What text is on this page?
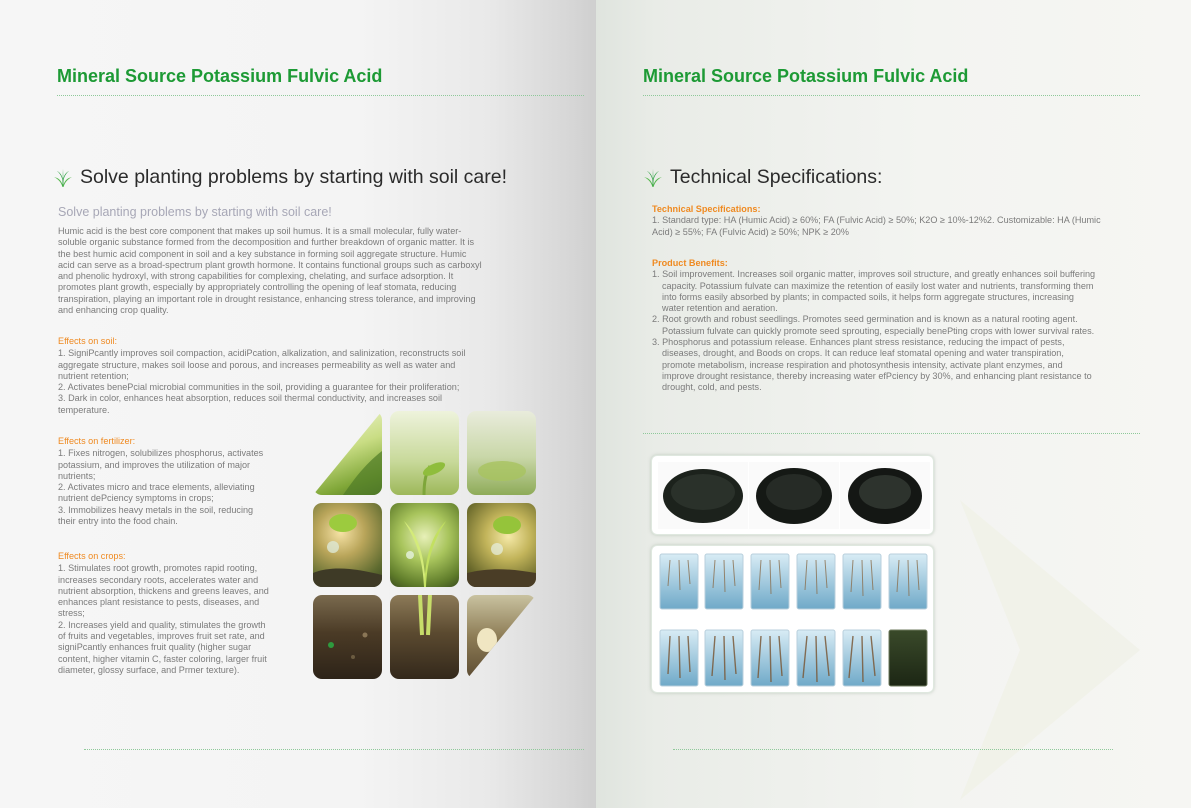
Mineral Source Potassium Fulvic Acid
Solve planting problems by starting with soil care!
Solve planting problems by starting with soil care!
Humic acid is the best core component that makes up soil humus. It is a small molecular, fully water-
soluble organic substance formed from the decomposition and further breakdown of organic matter. It is
the best humic acid component in soil and a key substance in forming soil aggregate structure. Humic
acid can serve as a broad-spectrum plant growth hormone. It contains functional groups such as carboxyl
and phenolic hydroxyl, with strong capabilities for complexing, chelating, and surface adsorption. It
promotes plant growth, especially by appropriately controlling the opening of leaf stomata, reducing
transpiration, playing an important role in drought resistance, enhancing stress tolerance, and improving
and enhancing crop quality.
Effects on soil:
1. SigniPcantly improves soil compaction, acidiPcation, alkalization, and salinization, reconstructs soil
aggregate structure, makes soil loose and porous, and increases permeability as well as water and
nutrient retention;
2. Activates benePcial microbial communities in the soil, providing a guarantee for their proliferation;
3. Dark in color, enhances heat absorption, reduces soil thermal conductivity, and increases soil
temperature.
Effects on fertilizer:
1. Fixes nitrogen, solubilizes phosphorus, activates
potassium, and improves the utilization of major
nutrients;
2. Activates micro and trace elements, alleviating
nutrient dePciency symptoms in crops;
3. Immobilizes heavy metals in the soil, reducing
their entry into the food chain.
Effects on crops:
1. Stimulates root growth, promotes rapid rooting,
increases secondary roots, accelerates water and
nutrient absorption, thickens and greens leaves, and
enhances plant resistance to pests, diseases, and
stress;
2. Increases yield and quality, stimulates the growth
of fruits and vegetables, improves fruit set rate, and
signiPcantly enhances fruit quality (higher sugar
content, higher vitamin C, faster coloring, larger fruit
diameter, glossy surface, and Prmer texture).
Mineral Source Potassium Fulvic Acid
Technical Specifications:
Technical Specifications:
1. Standard type: HA (Humic Acid) ≥ 60%; FA (Fulvic Acid) ≥ 50%; K2O ≥ 10%-12%2. Customizable: HA (Humic
Acid) ≥ 55%; FA (Fulvic Acid) ≥ 50%; NPK ≥ 20%
Product Benefits:
1. Soil improvement. Increases soil organic matter, improves soil structure, and greatly enhances soil buffering
capacity. Potassium fulvate can maximize the retention of easily lost water and nutrients, transforming them
into forms easily absorbed by plants; in compacted soils, it helps form aggregate structures, increasing
water retention and aeration.
2. Root growth and robust seedlings. Promotes seed germination and is known as a natural rooting agent.
Potassium fulvate can quickly promote seed sprouting, especially benePting crops with lower survival rates.
3. Phosphorus and potassium release. Enhances plant stress resistance, reducing the impact of pests,
diseases, drought, and Boods on crops. It can reduce leaf stomatal opening and water transpiration,
promote metabolism, increase respiration and photosynthesis intensity, activate plant enzymes, and
improve drought resistance, thereby increasing water efPciency by 30%, and enhancing plant resistance to
drought, cold, and pests.
